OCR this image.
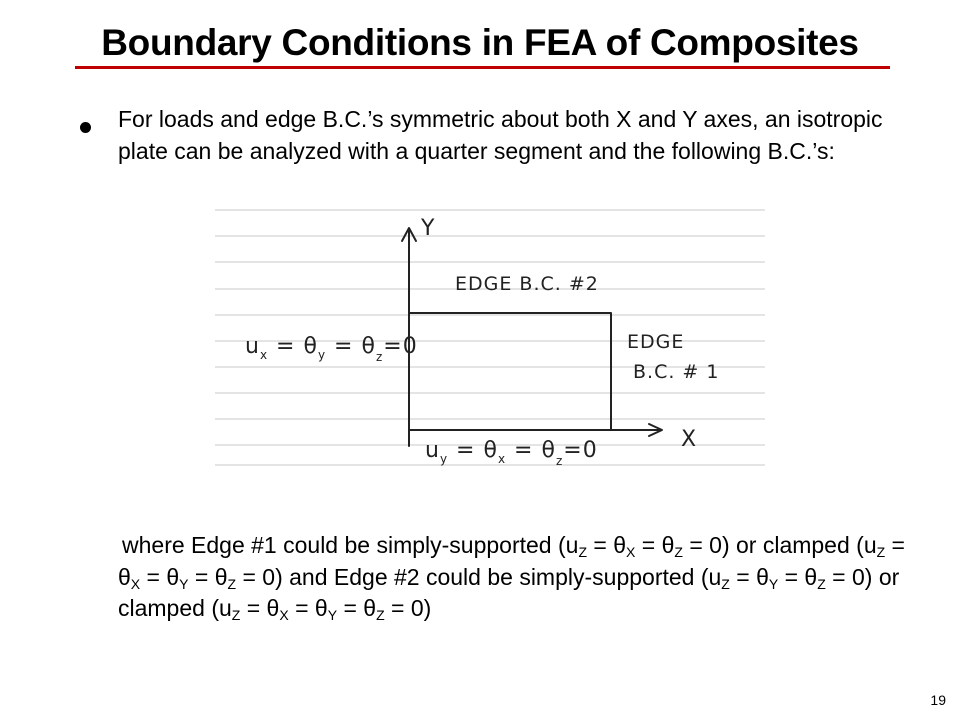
Boundary Conditions in FEA of Composites

For loads and edge B.C.’s symmetric about both X and Y axes, an isotropic plate can be analyzed with a quarter segment and the following B.C.’s:

Y
X
EDGE B.C. #2
EDGE
B.C. # 1
$u_x = \theta_y = \theta_z=0$
$u_y = \theta_x = \theta_z=0$

where Edge #1 could be simply-supported $(u_Z = \theta_X = \theta_Z = 0)$ or clamped $(u_Z = \theta_X = \theta_Y = \theta_Z = 0)$ and Edge #2 could be simply-supported $(u_Z = \theta_Y = \theta_Z = 0)$ or clamped $(u_Z = \theta_X = \theta_Y = \theta_Z = 0)$

19
